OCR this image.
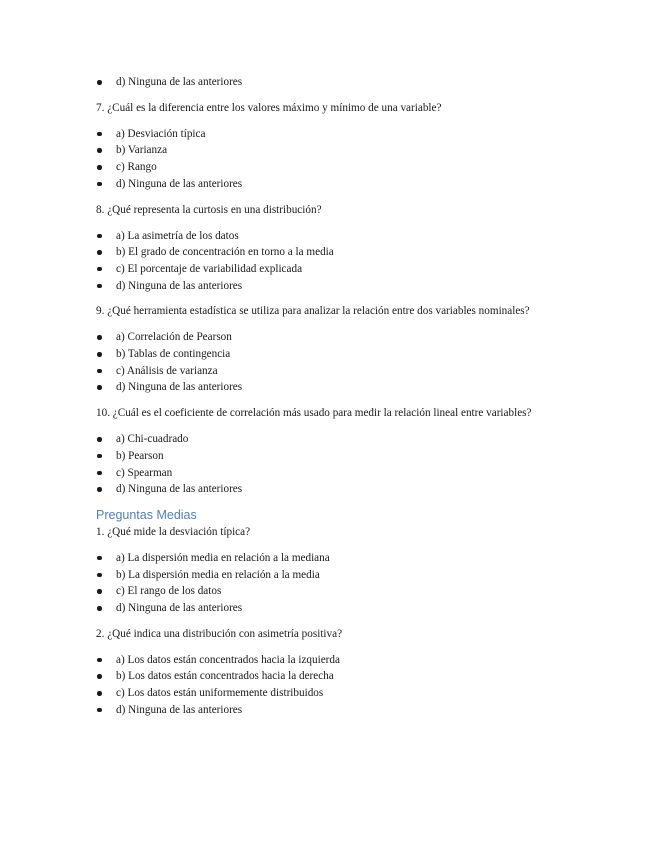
d) Ninguna de las anteriores

7. ¿Cuál es la diferencia entre los valores máximo y mínimo de una variable?

a) Desviación típica
b) Varianza
c) Rango
d) Ninguna de las anteriores

8. ¿Qué representa la curtosis en una distribución?

a) La asimetría de los datos
b) El grado de concentración en torno a la media
c) El porcentaje de variabilidad explicada
d) Ninguna de las anteriores

9. ¿Qué herramienta estadística se utiliza para analizar la relación entre dos variables nominales?

a) Correlación de Pearson
b) Tablas de contingencia
c) Análisis de varianza
d) Ninguna de las anteriores

10. ¿Cuál es el coeficiente de correlación más usado para medir la relación lineal entre variables?

a) Chi-cuadrado
b) Pearson
c) Spearman
d) Ninguna de las anteriores

Preguntas Medias

1. ¿Qué mide la desviación típica?

a) La dispersión media en relación a la mediana
b) La dispersión media en relación a la media
c) El rango de los datos
d) Ninguna de las anteriores

2. ¿Qué indica una distribución con asimetría positiva?

a) Los datos están concentrados hacia la izquierda
b) Los datos están concentrados hacia la derecha
c) Los datos están uniformemente distribuidos
d) Ninguna de las anteriores
